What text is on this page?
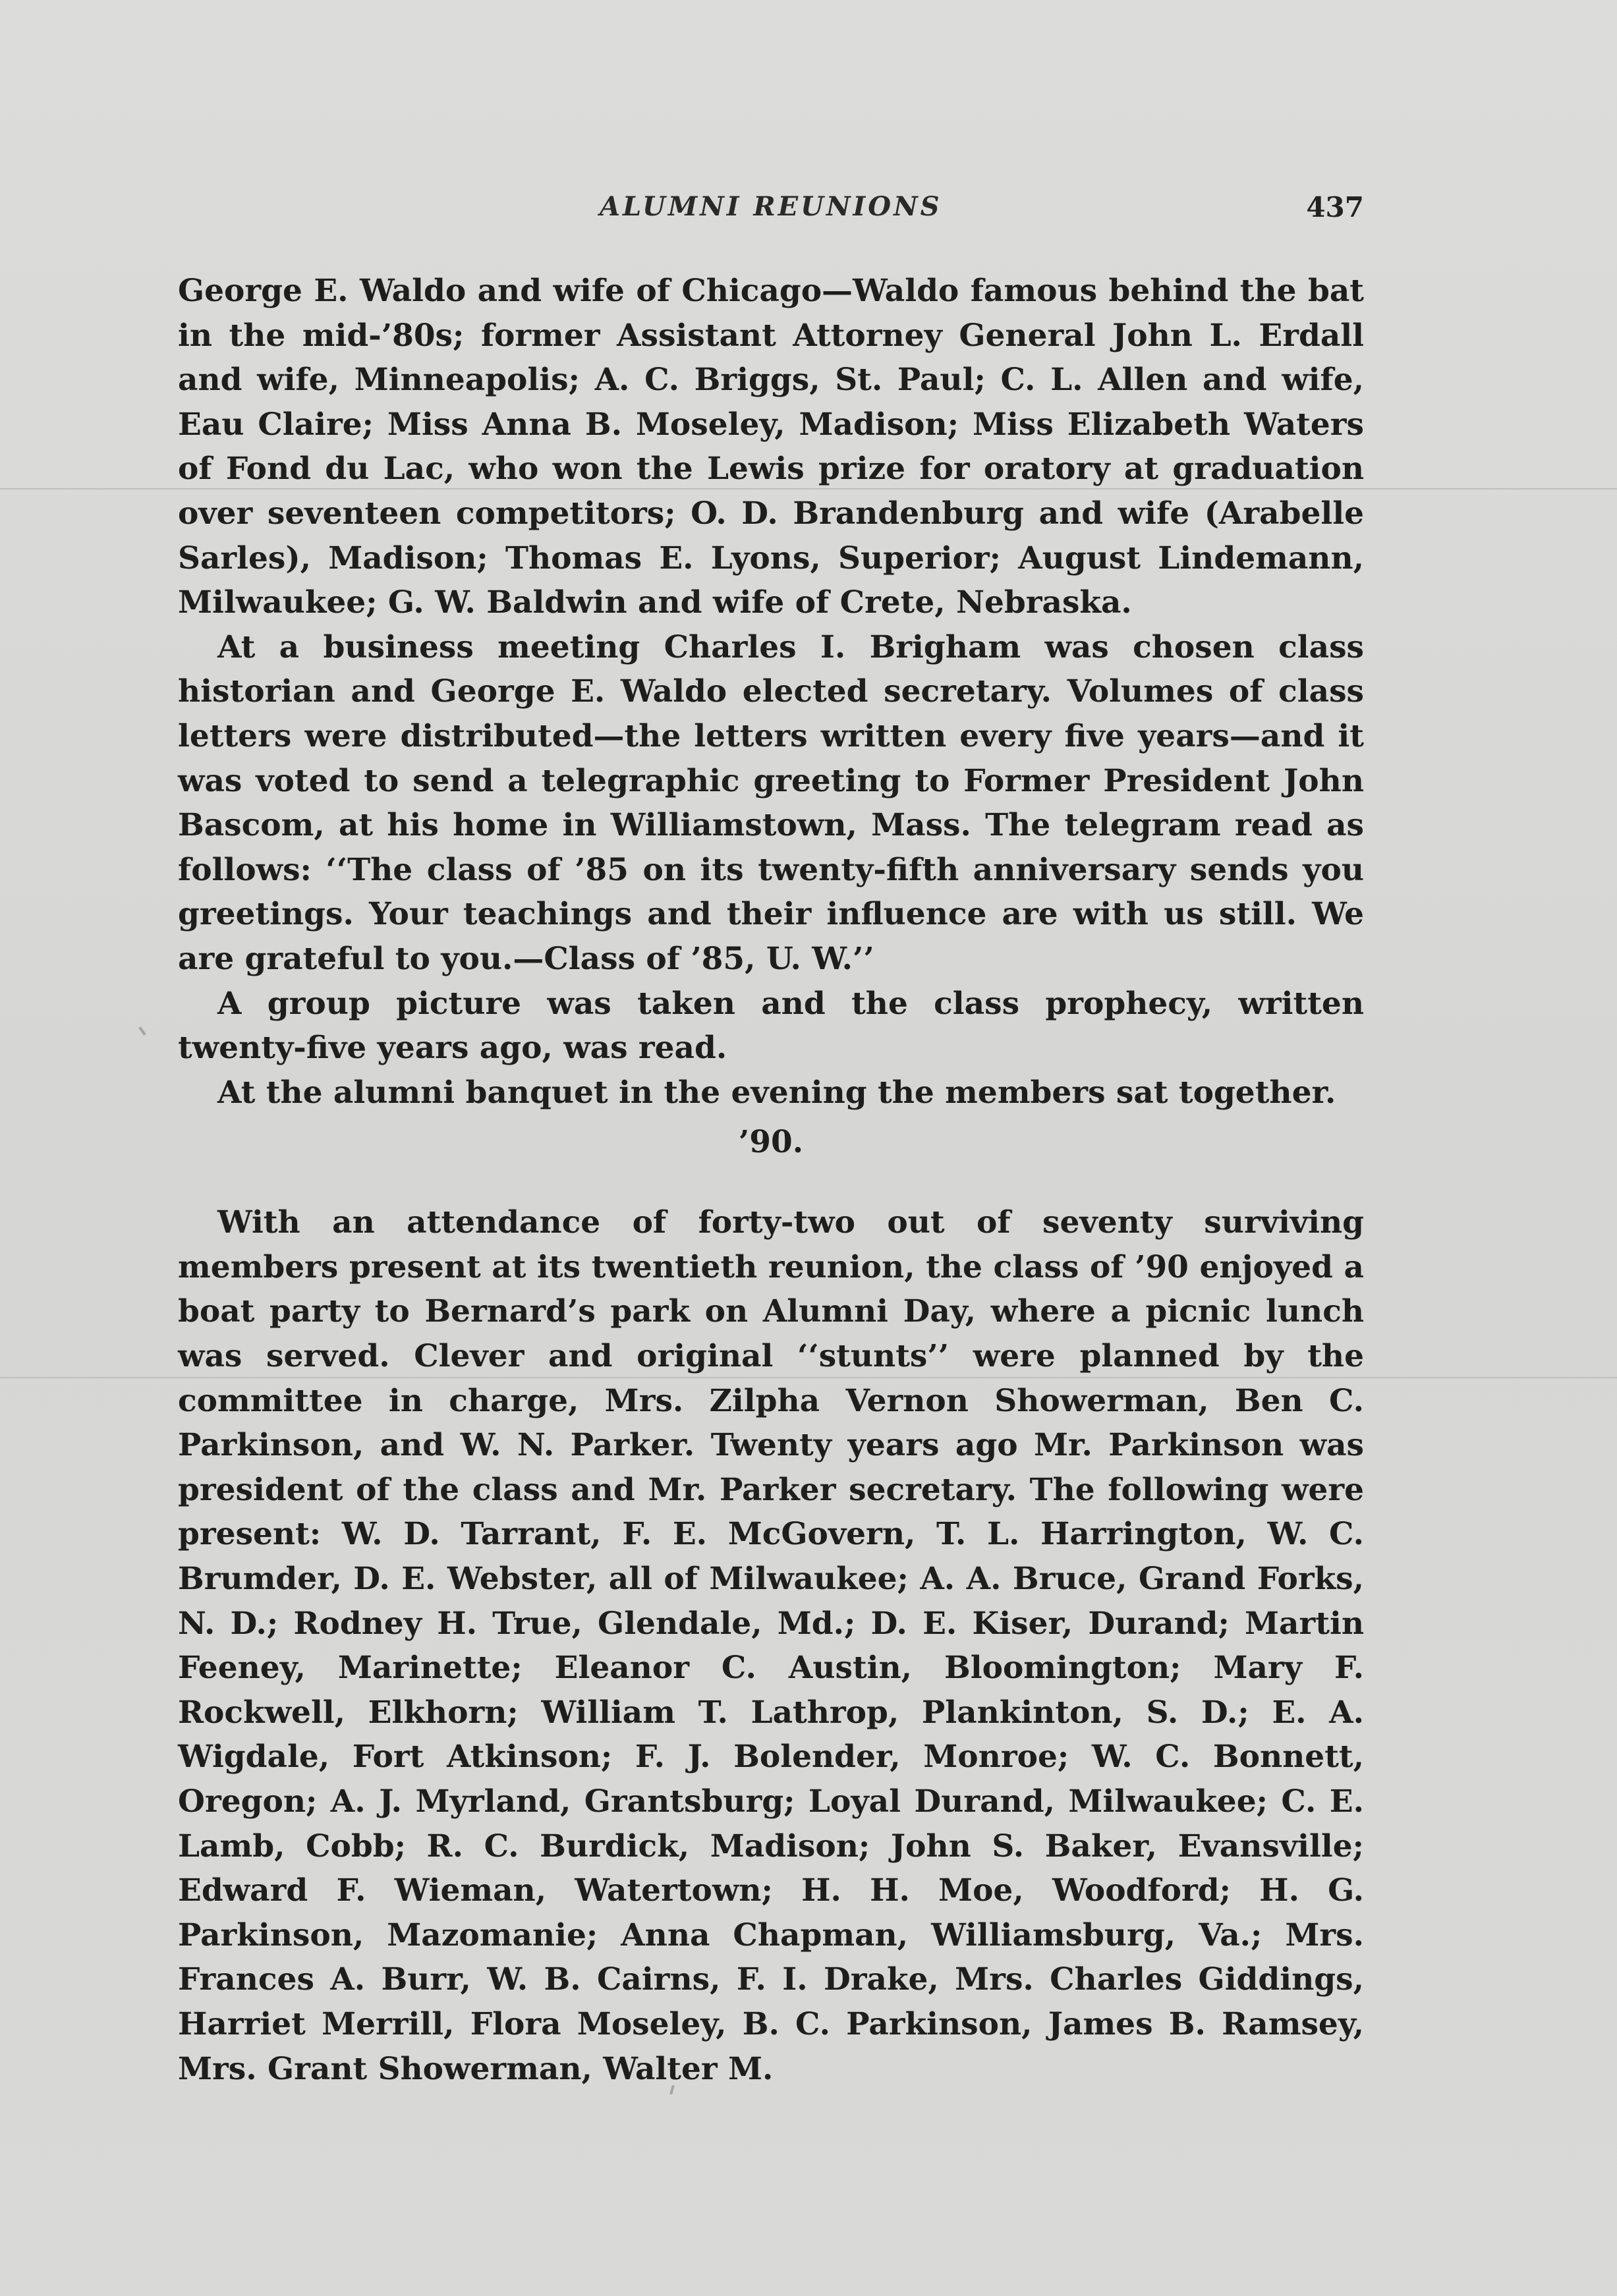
ALUMNI REUNIONS	437

George E. Waldo and wife of Chicago—Waldo famous behind the bat in the mid-’80s; former Assistant Attorney General John L. Erdall and wife, Minneapolis; A. C. Briggs, St. Paul; C. L. Allen and wife, Eau Claire; Miss Anna B. Moseley, Madison; Miss Elizabeth Waters of Fond du Lac, who won the Lewis prize for oratory at graduation over seventeen competitors; O. D. Brandenburg and wife (Arabelle Sarles), Madison; Thomas E. Lyons, Superior; August Lindemann, Milwaukee; G. W. Baldwin and wife of Crete, Nebraska.

At a business meeting Charles I. Brigham was chosen class historian and George E. Waldo elected secretary. Volumes of class letters were distributed—the letters written every five years—and it was voted to send a telegraphic greeting to Former President John Bascom, at his home in Williamstown, Mass. The telegram read as follows: ‘‘The class of ’85 on its twenty-fifth anniversary sends you greetings. Your teachings and their influence are with us still. We are grateful to you.—Class of ’85, U. W.’’

A group picture was taken and the class prophecy, written twenty-five years ago, was read.

At the alumni banquet in the evening the members sat together.

’90.

With an attendance of forty-two out of seventy surviving members present at its twentieth reunion, the class of ’90 enjoyed a boat party to Bernard’s park on Alumni Day, where a picnic lunch was served. Clever and original ‘‘stunts’’ were planned by the committee in charge, Mrs. Zilpha Vernon Showerman, Ben C. Parkinson, and W. N. Parker. Twenty years ago Mr. Parkinson was president of the class and Mr. Parker secretary. The following were present: W. D. Tarrant, F. E. McGovern, T. L. Harrington, W. C. Brumder, D. E. Webster, all of Milwaukee; A. A. Bruce, Grand Forks, N. D.; Rodney H. True, Glendale, Md.; D. E. Kiser, Durand; Martin Feeney, Marinette; Eleanor C. Austin, Bloomington; Mary F. Rockwell, Elkhorn; William T. Lathrop, Plankinton, S. D.; E. A. Wigdale, Fort Atkinson; F. J. Bolender, Monroe; W. C. Bonnett, Oregon; A. J. Myrland, Grantsburg; Loyal Durand, Milwaukee; C. E. Lamb, Cobb; R. C. Burdick, Madison; John S. Baker, Evansville; Edward F. Wieman, Watertown; H. H. Moe, Woodford; H. G. Parkinson, Mazomanie; Anna Chapman, Williamsburg, Va.; Mrs. Frances A. Burr, W. B. Cairns, F. I. Drake, Mrs. Charles Giddings, Harriet Merrill, Flora Moseley, B. C. Parkinson, James B. Ramsey, Mrs. Grant Showerman, Walter M.
